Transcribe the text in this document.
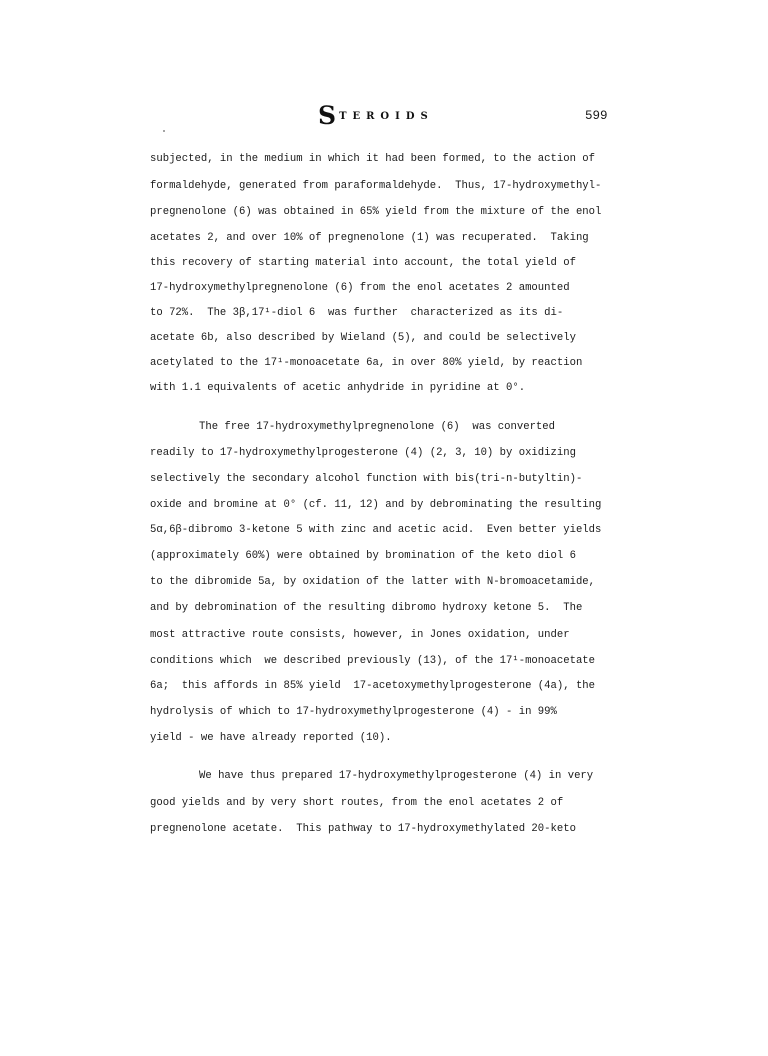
S TEROIDS	599
subjected, in the medium in which it had been formed, to the action of
formaldehyde, generated from paraformaldehyde.  Thus, 17-hydroxymethyl-
pregnenolone (6) was obtained in 65% yield from the mixture of the enol
acetates 2, and over 10% of pregnenolone (1) was recuperated.  Taking
this recovery of starting material into account, the total yield of
17-hydroxymethylpregnenolone (6) from the enol acetates 2 amounted
to 72%.  The 3β,17¹-diol 6  was further  characterized as its di-
acetate 6b, also described by Wieland (5), and could be selectively
acetylated to the 17¹-monoacetate 6a, in over 80% yield, by reaction
with 1.1 equivalents of acetic anhydride in pyridine at 0°.
The free 17-hydroxymethylpregnenolone (6)  was converted
readily to 17-hydroxymethylprogesterone (4) (2, 3, 10) by oxidizing
selectively the secondary alcohol function with bis(tri-n-butyltin)-
oxide and bromine at 0° (cf. 11, 12) and by debrominating the resulting
5α,6β-dibromo 3-ketone 5 with zinc and acetic acid.  Even better yields
(approximately 60%) were obtained by bromination of the keto diol 6
to the dibromide 5a, by oxidation of the latter with N-bromoacetamide,
and by debromination of the resulting dibromo hydroxy ketone 5.  The
most attractive route consists, however, in Jones oxidation, under
conditions which  we described previously (13), of the 17¹-monoacetate
6a;  this affords in 85% yield  17-acetoxymethylprogesterone (4a), the
hydrolysis of which to 17-hydroxymethylprogesterone (4) - in 99%
yield - we have already reported (10).
We have thus prepared 17-hydroxymethylprogesterone (4) in very
good yields and by very short routes, from the enol acetates 2 of
pregnenolone acetate.  This pathway to 17-hydroxymethylated 20-keto
